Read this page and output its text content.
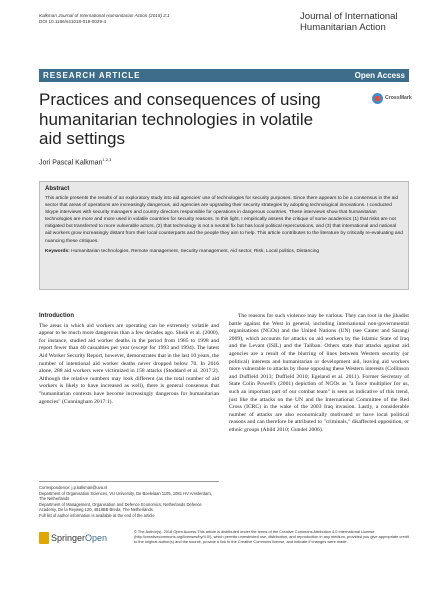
Kalkman Journal of International Humanitarian Action (2018) 3:1
DOI 10.1186/s41018-018-0029-4	Journal of International Humanitarian Action
RESEARCH ARTICLE	Open Access
Practices and consequences of using humanitarian technologies in volatile aid settings
CrossMark
Jori Pascal Kalkman$^{1,2,3}$
Abstract
This article presents the results of an exploratory study into aid agencies' use of technologies for security purposes. Since there appears to be a consensus in the aid sector that areas of operations are increasingly dangerous, aid agencies are upgrading their security strategies by adopting technological innovations. I conducted Skype interviews with security managers and country directors responsible for operations in dangerous countries. These interviews show that humanitarian technologies are more and more used in volatile countries for security reasons. In this light, I empirically assess the critique of some academics (1) that risks are not mitigated but transferred to more vulnerable actors, (2) that technology is not a neutral fix but has local political repercussions, and (3) that international and national aid workers grow increasingly distant from their local counterparts and the people they aim to help. This article contributes to the literature by critically re-evaluating and nuancing these critiques.
Keywords: Humanitarian technologies, Remote management, Security management, Aid sector, Risk, Local politics, Distancing
Introduction

The areas in which aid workers are operating can be extremely volatile and appear to be much more dangerous than a few decades ago. Sheik et al. (2000), for instance, studied aid worker deaths in the period from 1985 to 1998 and report fewer than 40 casualties per year (except for 1993 and 1994). The latest Aid Worker Security Report, however, demonstrates that in the last 10 years, the number of intentional aid worker deaths never dropped below 70. In 2016 alone, 288 aid workers were victimized in 158 attacks (Stoddard et al. 2017:2). Although the relative numbers may look different (as the total number of aid workers is likely to have increased as well), there is general consensus that "humanitarian contexts have become increasingly dangerous for humanitarian agencies" (Cunningham 2017:1).

The reasons for such violence may be various. They can root in the jihadist battle against the West in general, including international non-governmental organisations (NGOs) and the United Nations (UN) (see Canter and Sarangi 2009), which accounts for attacks on aid workers by the Islamic State of Iraq and the Levant (ISIL) and the Taliban. Others state that attacks against aid agencies are a result of the blurring of lines between Western security (or political) interests and humanitarian or development aid, leaving aid workers more vulnerable to attacks by those opposing these Western interests (Collinson and Duffield 2013; Duffield 2010; Egeland et al. 2011). Former Secretary of State Colin Powell's (2001) depiction of NGOs as "a force multiplier for us, such an important part of our combat team" is seen as indicative of this trend, just like the attacks on the UN and the International Committee of the Red Cross (ICRC) in the wake of the 2003 Iraq invasion. Lastly, a considerable number of attacks are also economically motivated or have local political reasons and can therefore be attributed to "criminals," disaffected opposition, or ethnic groups (Abild 2010; Gundel 2006).

Correspondence: j.p.kalkman@uva.nl
Department of Organisation Sciences, VU University, De Boelelaan 1105, 1081 HV Amsterdam, The Netherlands
Department of Management, Organisation and Defence Economics, Netherlands Defence Academy, De la Reyweg 120, 4818BB Breda, The Netherlands
Full list of author information is available at the end of the article
SpringerOpen
© The Author(s). 2018 Open Access This article is distributed under the terms of the Creative Commons Attribution 4.0 International License (http://creativecommons.org/licenses/by/4.0/), which permits unrestricted use, distribution, and reproduction in any medium, provided you give appropriate credit to the original author(s) and the source, provide a link to the Creative Commons license, and indicate if changes were made.
